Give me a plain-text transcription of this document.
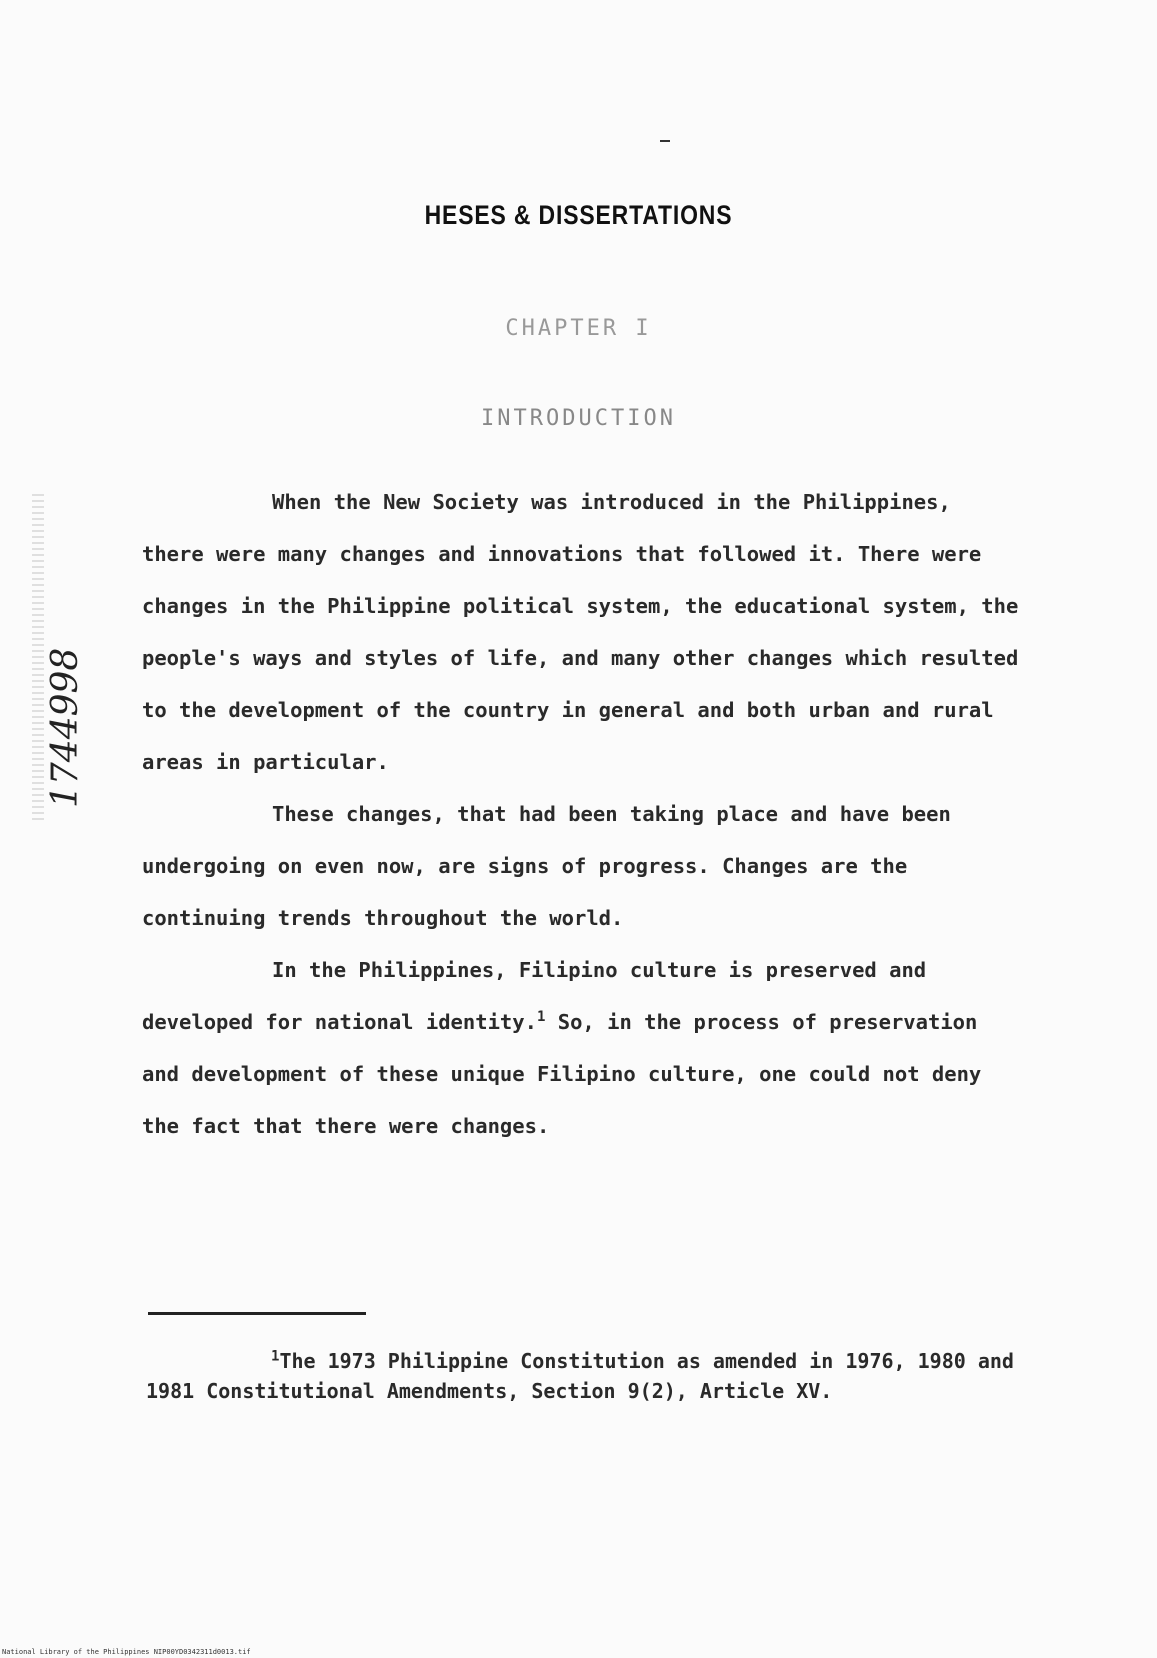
HESES & DISSERTATIONS
CHAPTER I
INTRODUCTION
1744998

When the New Society was introduced in the Philippines, there were many changes and innovations that followed it. There were changes in the Philippine political system, the educational system, the people's ways and styles of life, and many other changes which resulted to the development of the country in general and both urban and rural areas in particular.

These changes, that had been taking place and have been undergoing on even now, are signs of progress. Changes are the continuing trends throughout the world.

In the Philippines, Filipino culture is preserved and developed for national identity.$^1$ So, in the process of preservation and development of these unique Filipino culture, one could not deny the fact that there were changes.

$^1$The 1973 Philippine Constitution as amended in 1976, 1980 and 1981 Constitutional Amendments, Section 9(2), Article XV.
National Library of the Philippines NIP00YD0342311d0013.tif
